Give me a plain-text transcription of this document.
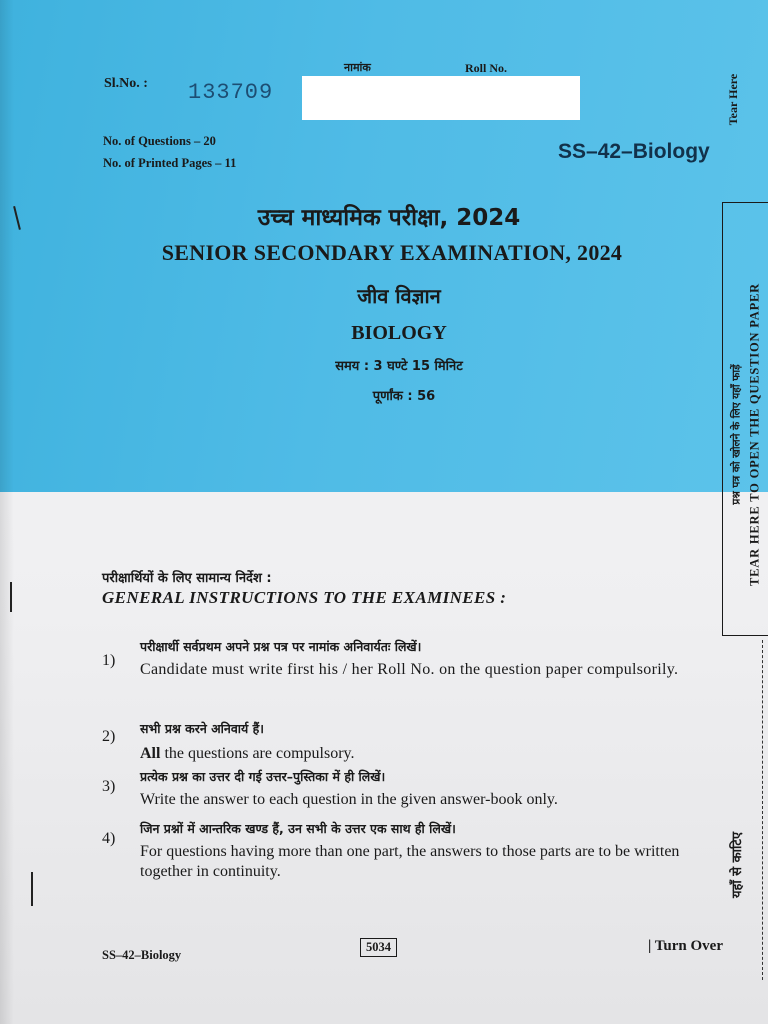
Sl.No. : 133709

नामांक	Roll No.

Tear Here

No. of Questions – 20

No. of Printed Pages – 11	SS–42–Biology

उच्च माध्यमिक परीक्षा, 2024

SENIOR SECONDARY EXAMINATION, 2024

जीव विज्ञान

BIOLOGY

समय : 3 घण्टे 15 मिनिट

पूर्णांक : 56	प्रश्न पत्र को खोलने के लिए यहाँ फाड़ें TEAR HERE TO OPEN THE QUESTION PAPER

यहाँ से काटिए

परीक्षार्थियों के लिए सामान्य निर्देश :

GENERAL INSTRUCTIONS TO THE EXAMINEES :

1)

परीक्षार्थी सर्वप्रथम अपने प्रश्न पत्र पर नामांक अनिवार्यतः लिखें।

Candidate must write first his / her Roll No. on the question paper compulsorily.

2) सभी प्रश्न करने अनिवार्य हैं।

All the questions are compulsory.

3)

प्रत्येक प्रश्न का उत्तर दी गई उत्तर–पुस्तिका में ही लिखें।

Write the answer to each question in the given answer-book only.

4)

जिन प्रश्नों में आन्तरिक खण्ड हैं, उन सभी के उत्तर एक साथ ही लिखें।

For questions having more than one part, the answers to those parts are to be written together in continuity.

SS–42–Biology

5034	| Turn Over
